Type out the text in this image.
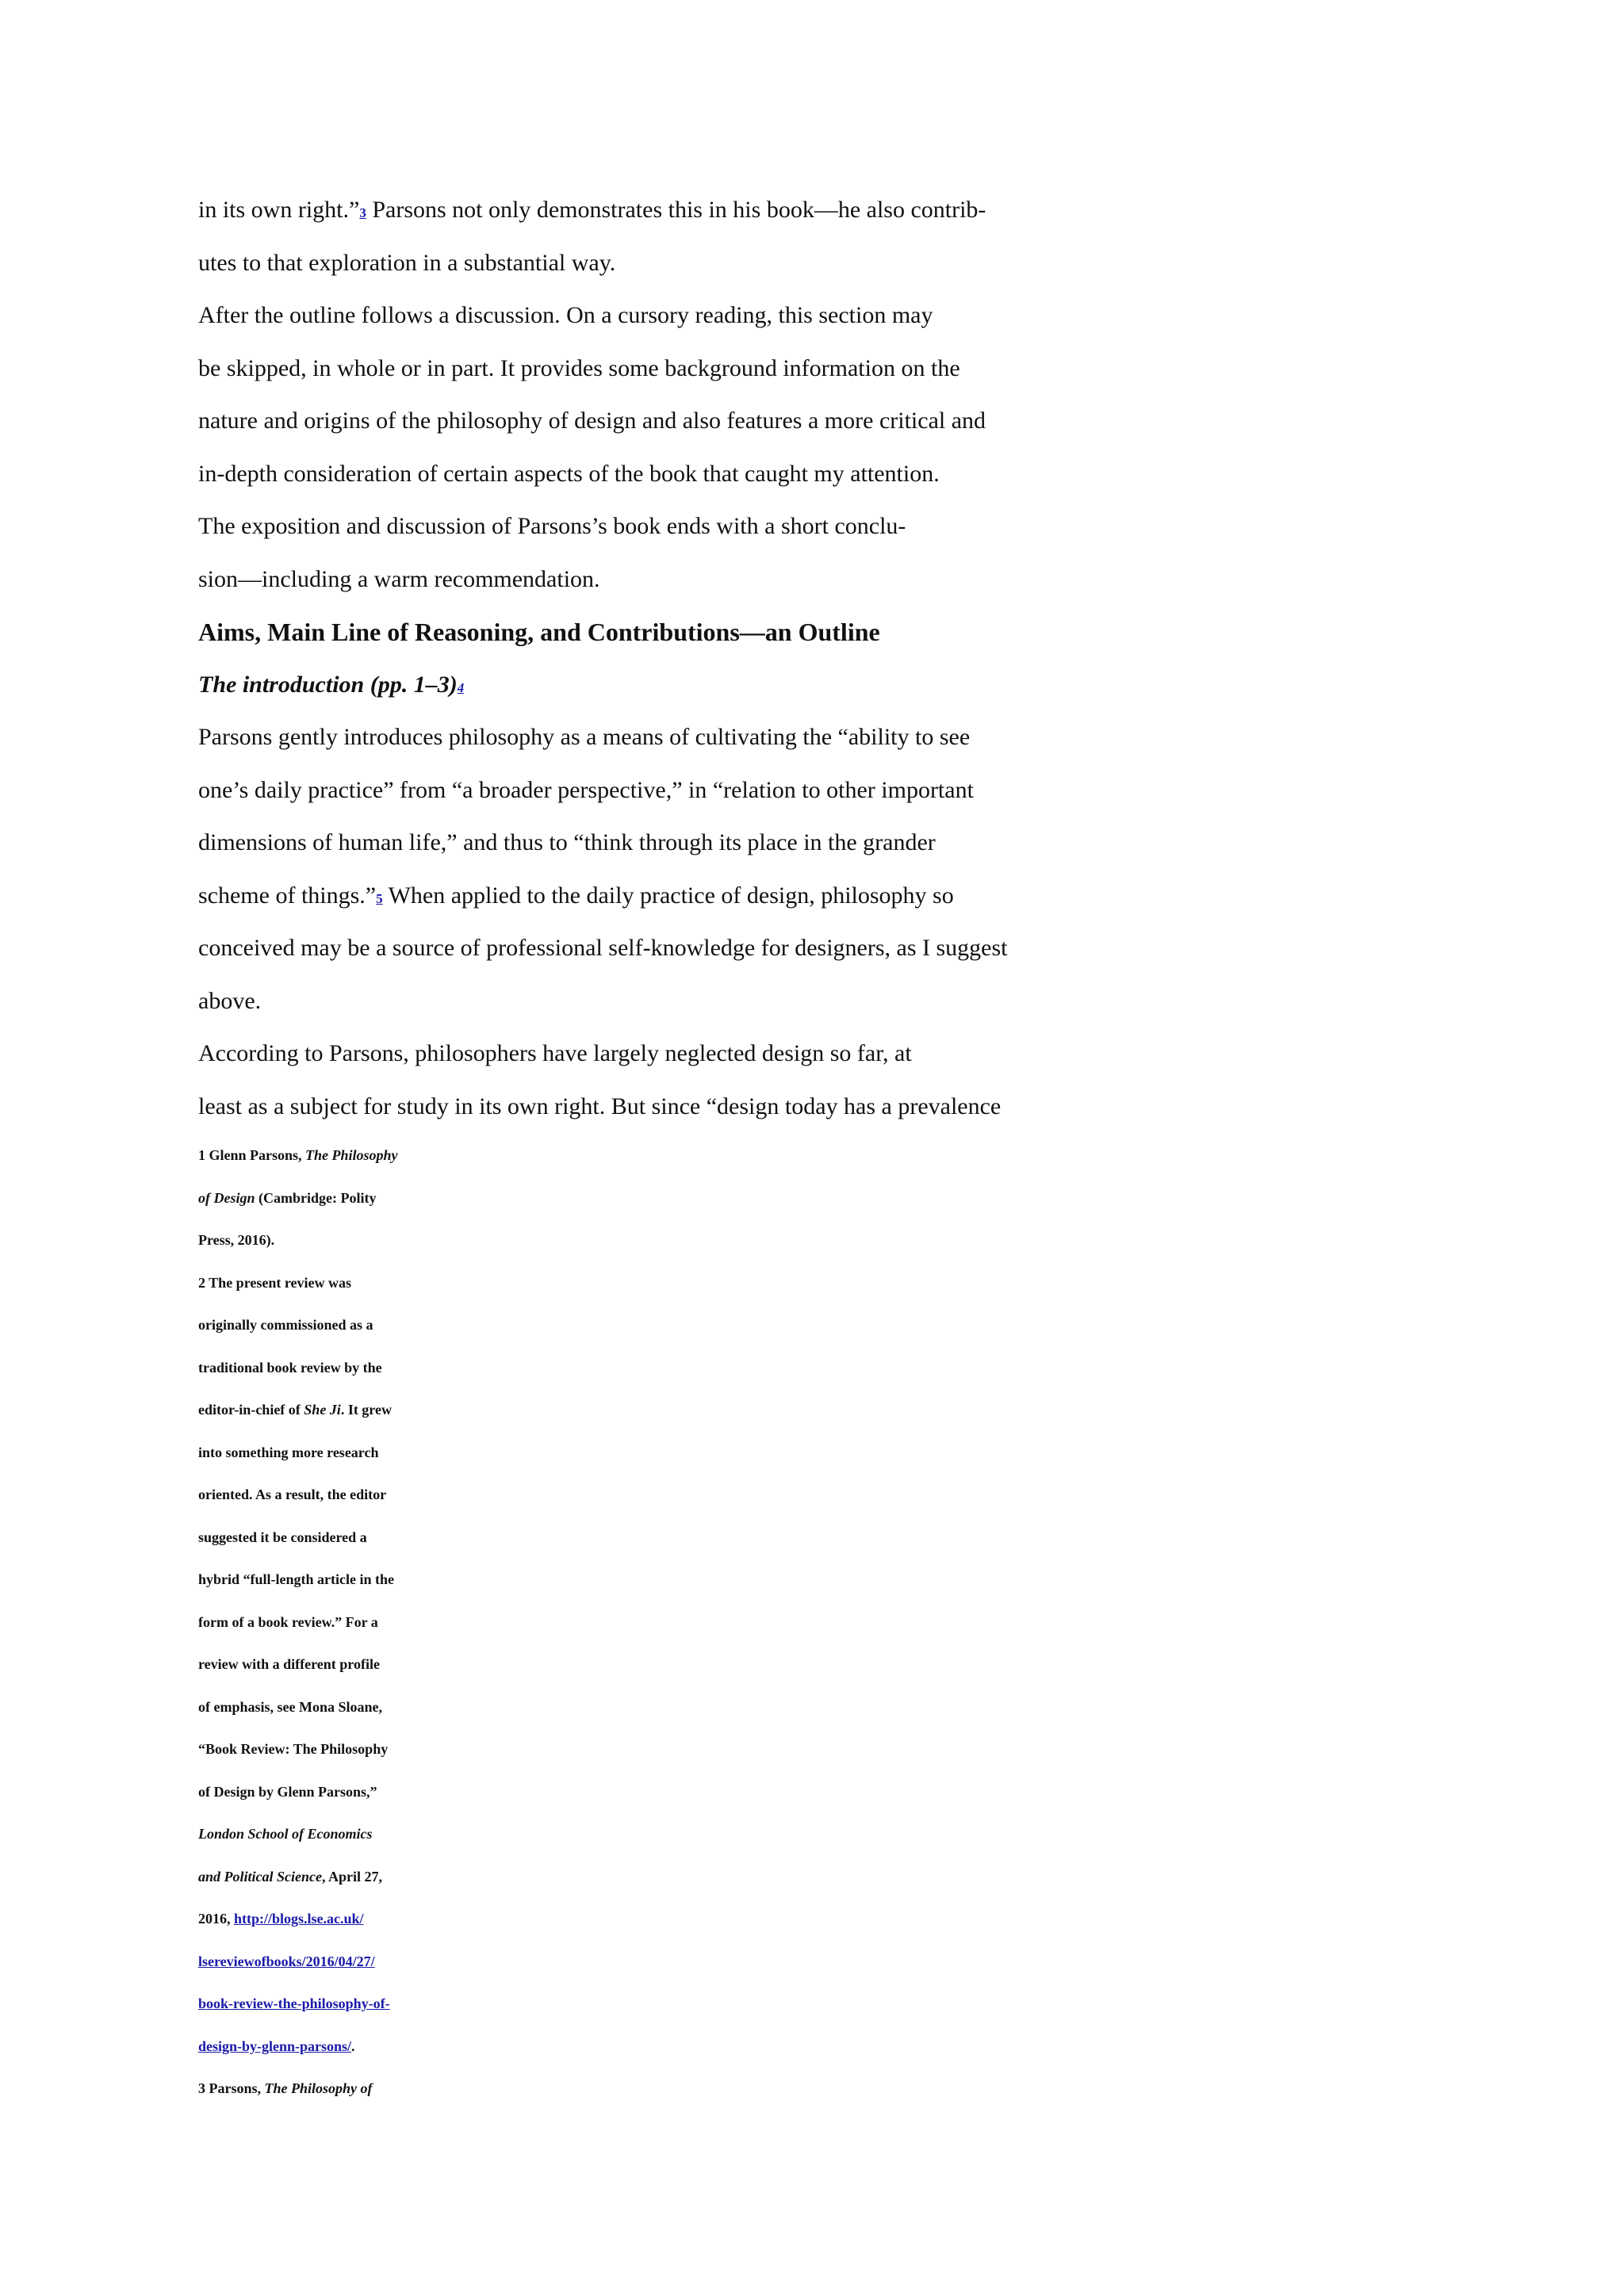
in its own right.”3 Parsons not only demonstrates this in his book—he also contrib-
utes to that exploration in a substantial way.
After the outline follows a discussion. On a cursory reading, this section may
be skipped, in whole or in part. It provides some background information on the
nature and origins of the philosophy of design and also features a more critical and
in-depth consideration of certain aspects of the book that caught my attention.
The exposition and discussion of Parsons’s book ends with a short conclu-
sion—including a warm recommendation.
Aims, Main Line of Reasoning, and Contributions—an Outline
The introduction (pp. 1–3)4
Parsons gently introduces philosophy as a means of cultivating the “ability to see
one’s daily practice” from “a broader perspective,” in “relation to other important
dimensions of human life,” and thus to “think through its place in the grander
scheme of things.”5 When applied to the daily practice of design, philosophy so
conceived may be a source of professional self-knowledge for designers, as I suggest
above.
According to Parsons, philosophers have largely neglected design so far, at
least as a subject for study in its own right. But since “design today has a prevalence
1 Glenn Parsons, The Philosophy
of Design (Cambridge: Polity
Press, 2016).
2 The present review was
originally commissioned as a
traditional book review by the
editor-in-chief of She Ji. It grew
into something more research
oriented. As a result, the editor
suggested it be considered a
hybrid “full-length article in the
form of a book review.” For a
review with a different profile
of emphasis, see Mona Sloane,
“Book Review: The Philosophy
of Design by Glenn Parsons,”
London School of Economics
and Political Science, April 27,
2016, http://blogs.lse.ac.uk/
lsereviewofbooks/2016/04/27/
book-review-the-philosophy-of-
design-by-glenn-parsons/.
3 Parsons, The Philosophy of
